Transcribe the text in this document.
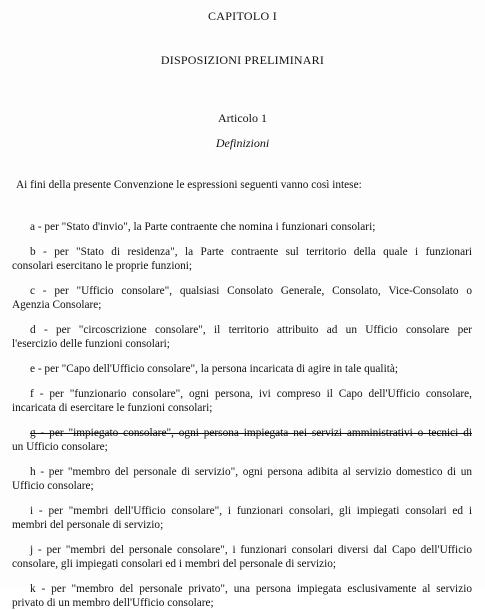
CAPITOLO I
DISPOSIZIONI PRELIMINARI
Articolo 1
Definizioni
Ai fini della presente Convenzione le espressioni seguenti vanno così intese:
a - per "Stato d'invio", la Parte contraente che nomina i funzionari consolari;
b - per "Stato di residenza", la Parte contraente sul territorio della quale i funzionari
consolari esercitano le proprie funzioni;
c - per "Ufficio consolare", qualsiasi Consolato Generale, Consolato, Vice-Consolato o
Agenzia Consolare;
d - per "circoscrizione consolare", il territorio attribuito ad un Ufficio consolare per
l'esercizio delle funzioni consolari;
e - per "Capo dell'Ufficio consolare", la persona incaricata di agire in tale qualità;
f - per "funzionario consolare", ogni persona, ivi compreso il Capo dell'Ufficio consolare,
incaricata di esercitare le funzioni consolari;
g - per "impiegato consolare", ogni persona impiegata nei servizi amministrativi o tecnici di
un Ufficio consolare;
h - per "membro del personale di servizio", ogni persona adibita al servizio domestico di un
Ufficio consolare;
i - per "membri dell'Ufficio consolare", i funzionari consolari, gli impiegati consolari ed i
membri del personale di servizio;
j - per "membri del personale consolare", i funzionari consolari diversi dal Capo dell'Ufficio
consolare, gli impiegati consolari ed i membri del personale di servizio;
k - per "membro del personale privato", una persona impiegata esclusivamente al servizio
privato di un membro dell'Ufficio consolare;
